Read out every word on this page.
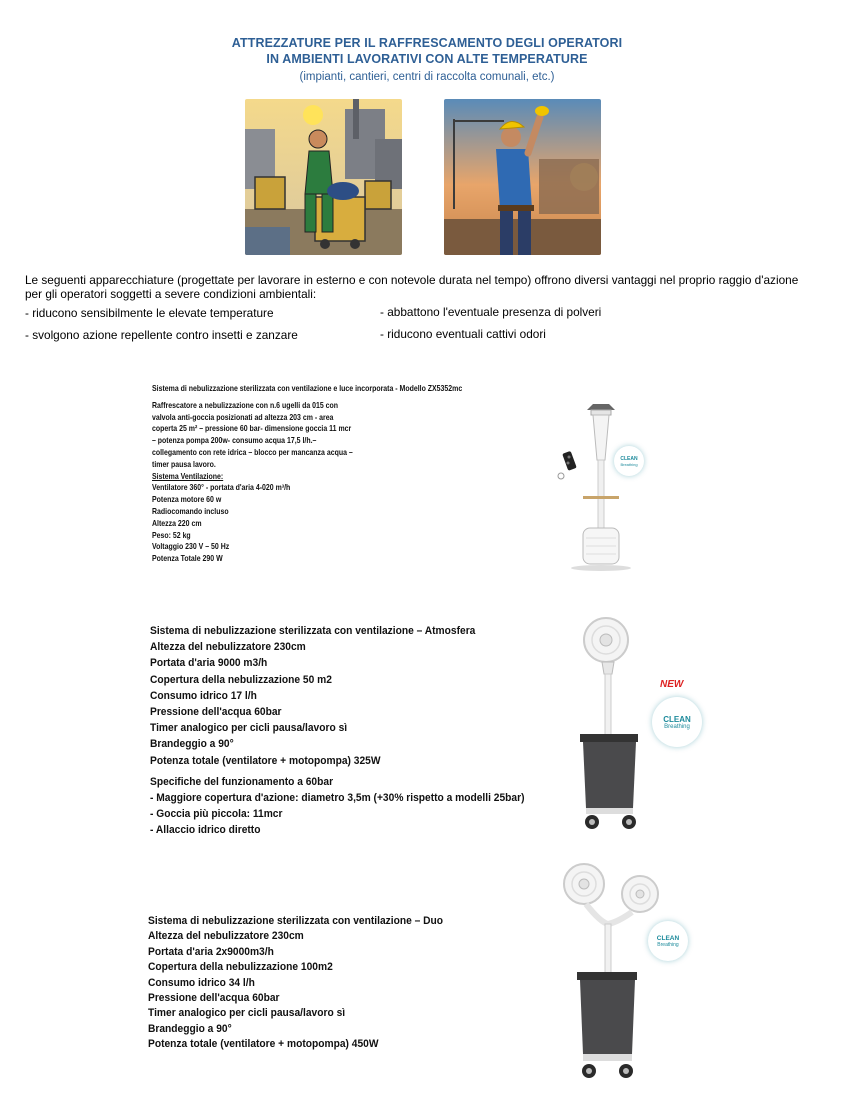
ATTREZZATURE PER IL RAFFRESCAMENTO DEGLI OPERATORI
IN AMBIENTI LAVORATIVI CON ALTE TEMPERATURE
(impianti, cantieri, centri di raccolta comunali, etc.)
Le seguenti apparecchiature (progettate per lavorare in esterno e con notevole durata nel tempo) offrono diversi vantaggi nel proprio raggio d'azione per gli operatori soggetti a severe condizioni ambientali:
- riducono sensibilmente le elevate temperature	- abbattono l'eventuale presenza di polveri
- svolgono azione repellente contro insetti e zanzare	- riducono eventuali cattivi odori
Sistema di nebulizzazione sterilizzata con ventilazione e luce incorporata - Modello ZX5352mc
Raffrescatore a nebulizzazione con n.6 ugelli da 015 con
valvola anti-goccia posizionati ad altezza 203 cm - area
coperta 25 m² – pressione 60 bar- dimensione goccia 11 mcr
– potenza pompa 200w- consumo acqua 17,5 l/h.–
collegamento con rete idrica – blocco per mancanza acqua –
timer pausa lavoro.
Sistema Ventilazione:
Ventilatore 360° - portata d'aria 4-020 m³/h
Potenza motore 60 w
Radiocomando incluso
Altezza 220 cm
Peso: 52 kg
Voltaggio 230 V – 50 Hz
Potenza Totale 290 W
CLEAN
Breathing
Sistema di nebulizzazione sterilizzata con ventilazione – Atmosfera
Altezza del nebulizzatore 230cm
Portata d'aria 9000 m3/h
Copertura della nebulizzazione 50 m2
Consumo idrico 17 l/h
Pressione dell'acqua 60bar
Timer analogico per cicli pausa/lavoro sì
Brandeggio a 90°
Potenza totale (ventilatore + motopompa) 325W
Specifiche del funzionamento a 60bar
- Maggiore copertura d'azione: diametro 3,5m (+30% rispetto a modelli 25bar)
- Goccia più piccola: 11mcr
- Allaccio idrico diretto
NEW
CLEAN
Breathing
Sistema di nebulizzazione sterilizzata con ventilazione – Duo
Altezza del nebulizzatore 230cm
Portata d'aria 2x9000m3/h
Copertura della nebulizzazione 100m2
Consumo idrico 34 l/h
Pressione dell'acqua 60bar
Timer analogico per cicli pausa/lavoro sì
Brandeggio a 90°
Potenza totale (ventilatore + motopompa) 450W
CLEAN
Breathing
